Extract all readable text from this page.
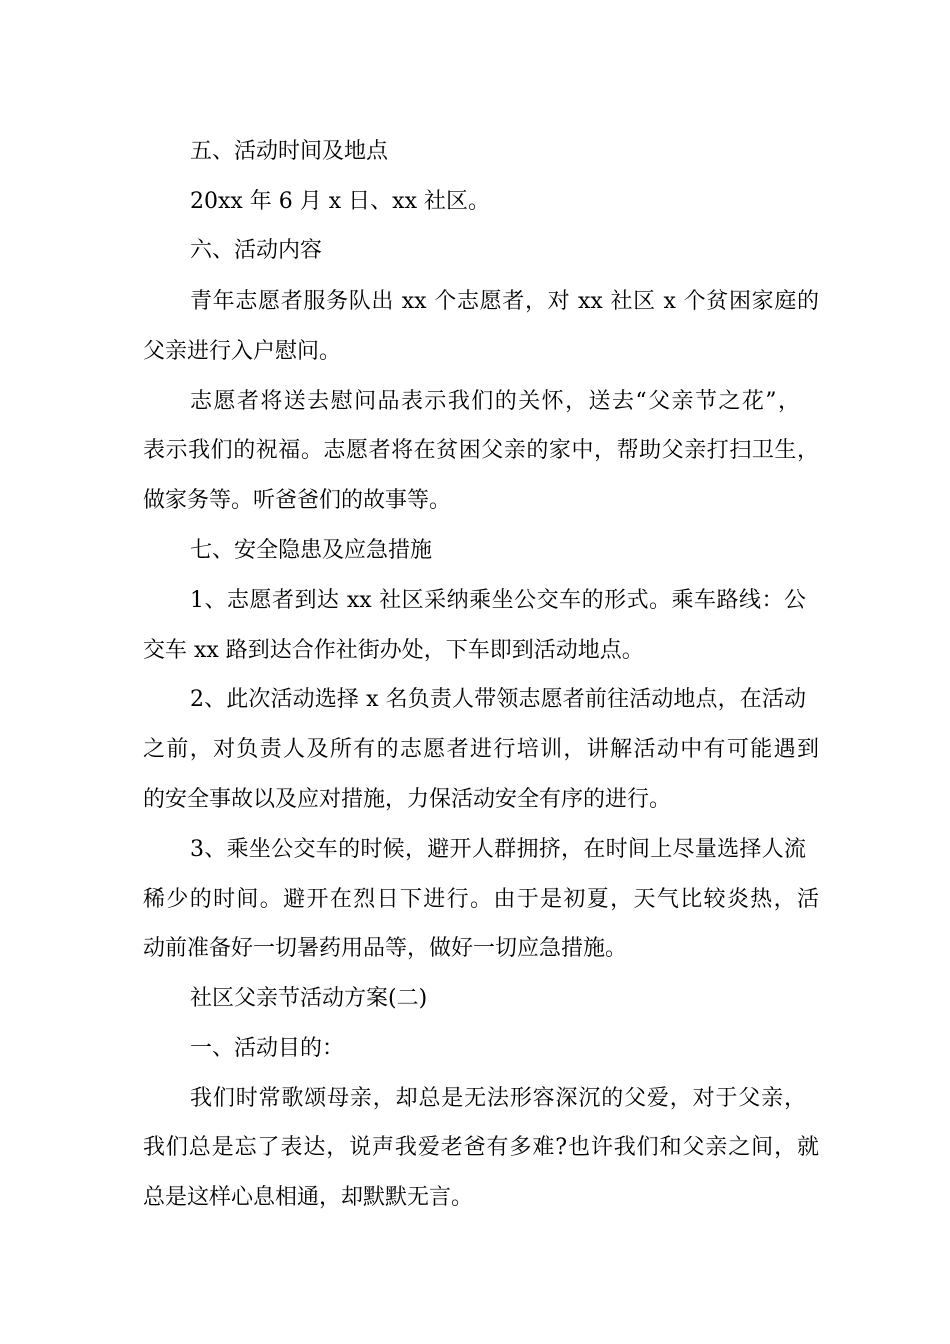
五、活动时间及地点
20xx 年 6 月 x 日、xx 社区。
六、活动内容
青年志愿者服务队出 xx 个志愿者，对 xx 社区 x 个贫困家庭的
父亲进行入户慰问。
志愿者将送去慰问品表示我们的关怀，送去“父亲节之花”，
表示我们的祝福。志愿者将在贫困父亲的家中，帮助父亲打扫卫生，
做家务等。听爸爸们的故事等。
七、安全隐患及应急措施
1、志愿者到达 xx 社区采纳乘坐公交车的形式。乘车路线：公
交车 xx 路到达合作社街办处，下车即到活动地点。
2、此次活动选择 x 名负责人带领志愿者前往活动地点，在活动
之前，对负责人及所有的志愿者进行培训，讲解活动中有可能遇到
的安全事故以及应对措施，力保活动安全有序的进行。
3、乘坐公交车的时候，避开人群拥挤，在时间上尽量选择人流
稀少的时间。避开在烈日下进行。由于是初夏，天气比较炎热，活
动前准备好一切暑药用品等，做好一切应急措施。
社区父亲节活动方案(二)
一、活动目的：
我们时常歌颂母亲，却总是无法形容深沉的父爱，对于父亲，
我们总是忘了表达，说声我爱老爸有多难?也许我们和父亲之间，就
总是这样心息相通，却默默无言。
